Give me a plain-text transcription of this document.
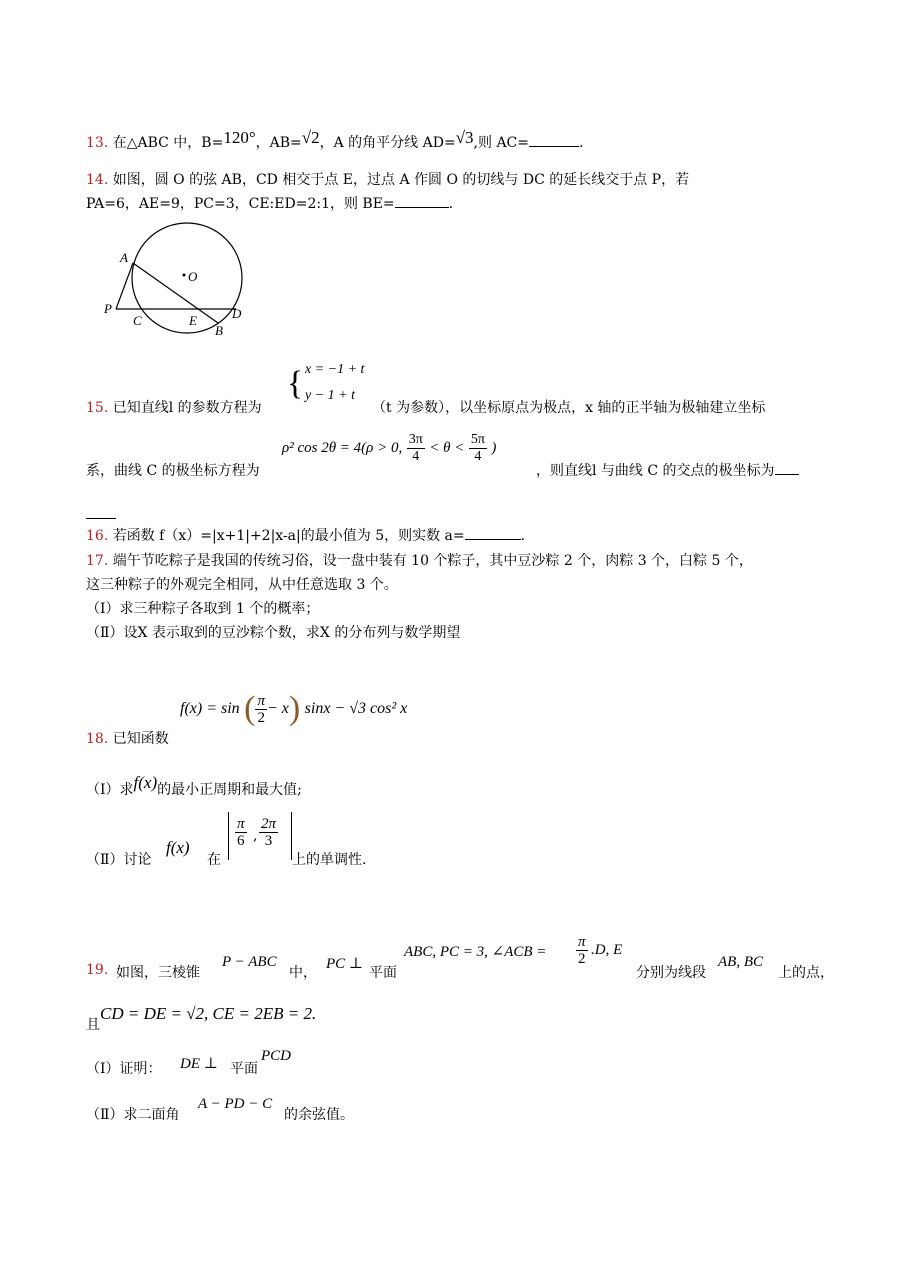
13. 在△ABC 中，B=120°，AB=√2，A 的角平分线 AD=√3,则 AC=	.
14. 如图，圆 O 的弦 AB，CD 相交于点 E，过点 A 作圆 O 的切线与 DC 的延长线交于点 P，若
PA=6，AE=9，PC=3，CE:ED=2:1，则 BE=	.
A
O
P
C	E	D
B
{ x = −1 + t
y − 1 + t
15. 已知直线l 的参数方程为	（t 为参数），以坐标原点为极点，x 轴的正半轴为极轴建立坐标
ρ² cos 2θ = 4(ρ > 0, $\frac{3\pi}{4} < \theta < \frac{5\pi}{4}$ )
系，曲线 C 的极坐标方程为	，则直线l 与曲线 C 的交点的极坐标为
16. 若函数 f（x）=|x+1|+2|x-a|的最小值为 5，则实数 a=	.
17. 端午节吃粽子是我国的传统习俗，设一盘中装有 10 个粽子，其中豆沙粽 2 个，肉粽 3 个，白粽 5 个，
这三种粽子的外观完全相同，从中任意选取 3 个。
（Ⅰ）求三种粽子各取到 1 个的概率；
（Ⅱ）设X 表示取到的豆沙粽个数，求X 的分布列与数学期望
f(x) = sin ( $\frac{\pi}{2} - x$) sinx − √3 cos² x
18. 已知函数
（Ⅰ）求f(x)的最小正周期和最大值;
（Ⅱ）讨论
f(x)
在
$\frac{\pi}{6}$ , $\frac{2\pi}{3}$
上的单调性.
19. 如图，三棱锥
P − ABC
中，
PC ⊥
平面
ABC, PC = 3, ∠ACB = $\frac{\pi}{2} .D$, E
分别为线段
AB, BC
上的点，
且
CD = DE = √2, CE = 2EB = 2.
（Ⅰ）证明： DE ⊥ 平面
PCD
（Ⅱ）求二面角
A − PD − C
的余弦值。
